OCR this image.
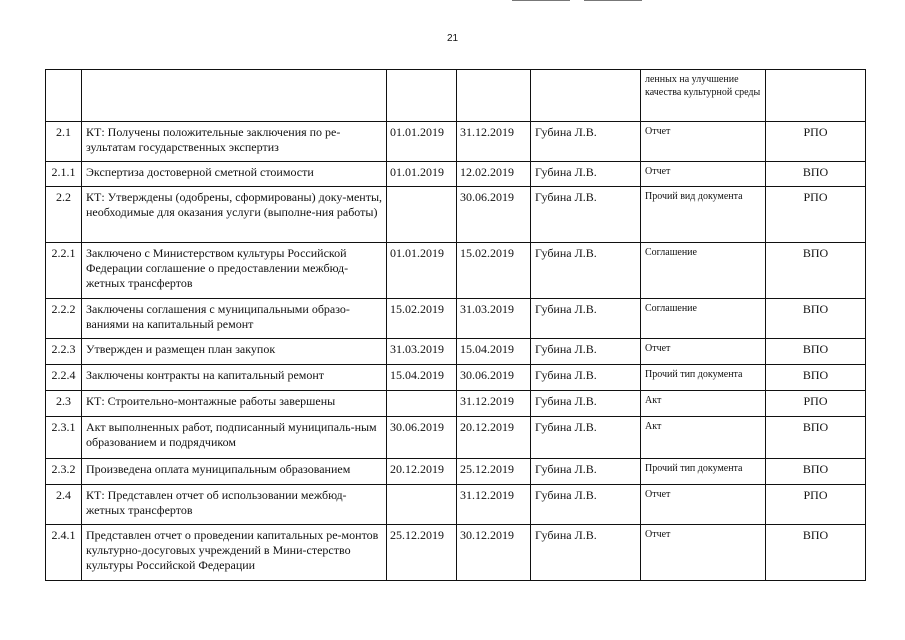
21
					ленных на улучшение качества культурной среды	
2.1	КТ: Получены положительные заключения по ре-зультатам государственных экспертиз	01.01.2019	31.12.2019	Губина Л.В.	Отчет	РПО
2.1.1	Экспертиза достоверной сметной стоимости	01.01.2019	12.02.2019	Губина Л.В.	Отчет	ВПО
2.2	КТ: Утверждены (одобрены, сформированы) доку-менты, необходимые для оказания услуги (выполне-ния работы)		30.06.2019	Губина Л.В.	Прочий вид документа	РПО
2.2.1	Заключено с Министерством культуры Российской Федерации соглашение о предоставлении межбюд-жетных трансфертов	01.01.2019	15.02.2019	Губина Л.В.	Соглашение	ВПО
2.2.2	Заключены соглашения с муниципальными образо-ваниями на капитальный ремонт	15.02.2019	31.03.2019	Губина Л.В.	Соглашение	ВПО
2.2.3	Утвержден и размещен план закупок	31.03.2019	15.04.2019	Губина Л.В.	Отчет	ВПО
2.2.4	Заключены контракты на капитальный ремонт	15.04.2019	30.06.2019	Губина Л.В.	Прочий тип документа	ВПО
2.3	КТ: Строительно-монтажные работы завершены		31.12.2019	Губина Л.В.	Акт	РПО
2.3.1	Акт выполненных работ, подписанный муниципаль-ным образованием и подрядчиком	30.06.2019	20.12.2019	Губина Л.В.	Акт	ВПО
2.3.2	Произведена оплата муниципальным образованием	20.12.2019	25.12.2019	Губина Л.В.	Прочий тип документа	ВПО
2.4	КТ: Представлен отчет об использовании межбюд-жетных трансфертов		31.12.2019	Губина Л.В.	Отчет	РПО
2.4.1	Представлен отчет о проведении капитальных ре-монтов культурно-досуговых учреждений в Мини-стерство культуры Российской Федерации	25.12.2019	30.12.2019	Губина Л.В.	Отчет	ВПО
